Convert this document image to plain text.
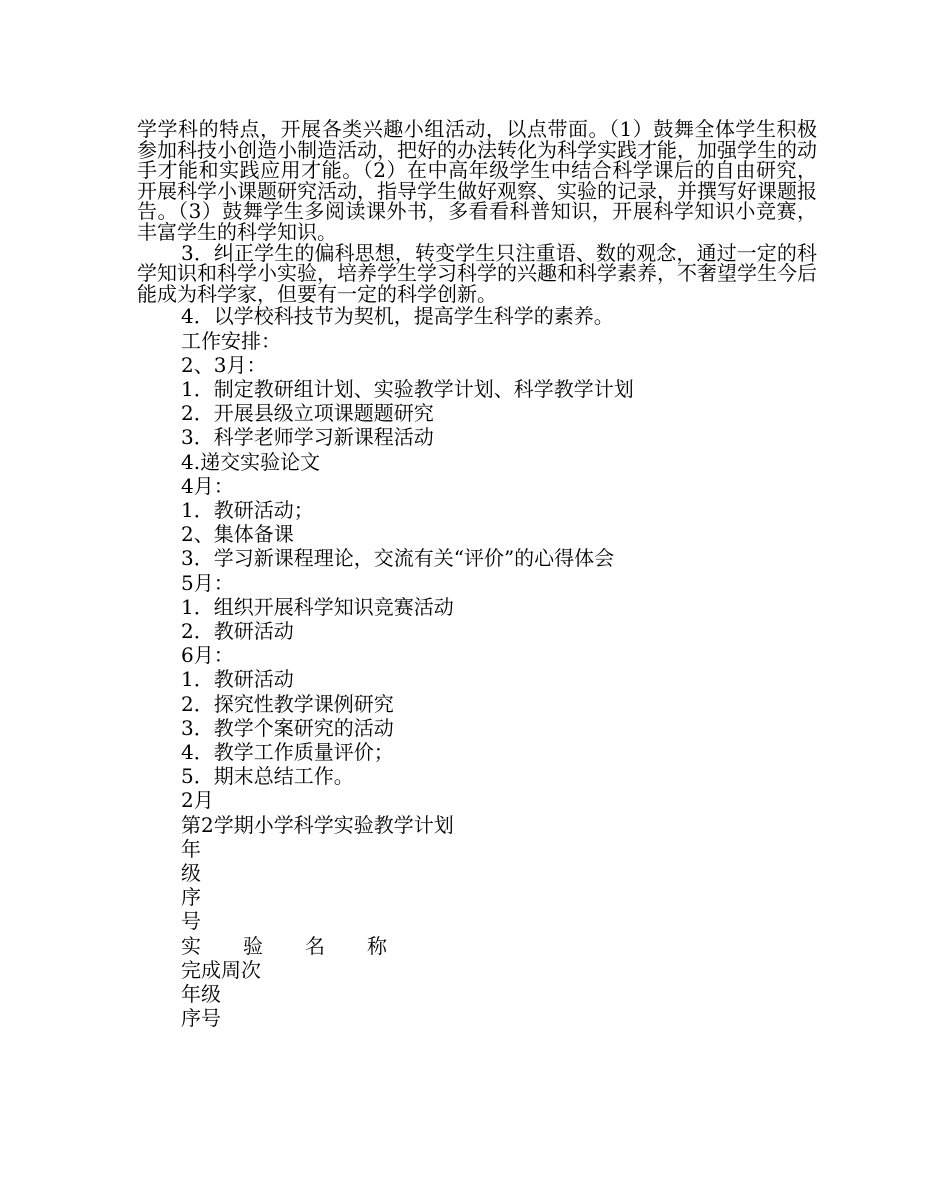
学学科的特点，开展各类兴趣小组活动，以点带面。（1）鼓舞全体学生积极参加科技小创造小制造活动，把好的办法转化为科学实践才能，加强学生的动手才能和实践应用才能。（2）在中高年级学生中结合科学课后的自由研究，开展科学小课题研究活动，指导学生做好观察、实验的记录，并撰写好课题报告。（3）鼓舞学生多阅读课外书，多看看科普知识，开展科学知识小竞赛，丰富学生的科学知识。

3．纠正学生的偏科思想，转变学生只注重语、数的观念，通过一定的科学知识和科学小实验，培养学生学习科学的兴趣和科学素养，不奢望学生今后能成为科学家，但要有一定的科学创新。

4．以学校科技节为契机，提高学生科学的素养。

工作安排：

2、3月：

1．制定教研组计划、实验教学计划、科学教学计划

2．开展县级立项课题题研究

3．科学老师学习新课程活动

4.递交实验论文

4月：

1．教研活动；

2、集体备课

3．学习新课程理论，交流有关“评价”的心得体会

5月：

1．组织开展科学知识竞赛活动

2．教研活动

6月：

1．教研活动

2．探究性教学课例研究

3．教学个案研究的活动

4．教学工作质量评价；

5．期末总结工作。

2月

第2学期小学科学实验教学计划

年

级

序

号

实验名称

完成周次

年级

序号
